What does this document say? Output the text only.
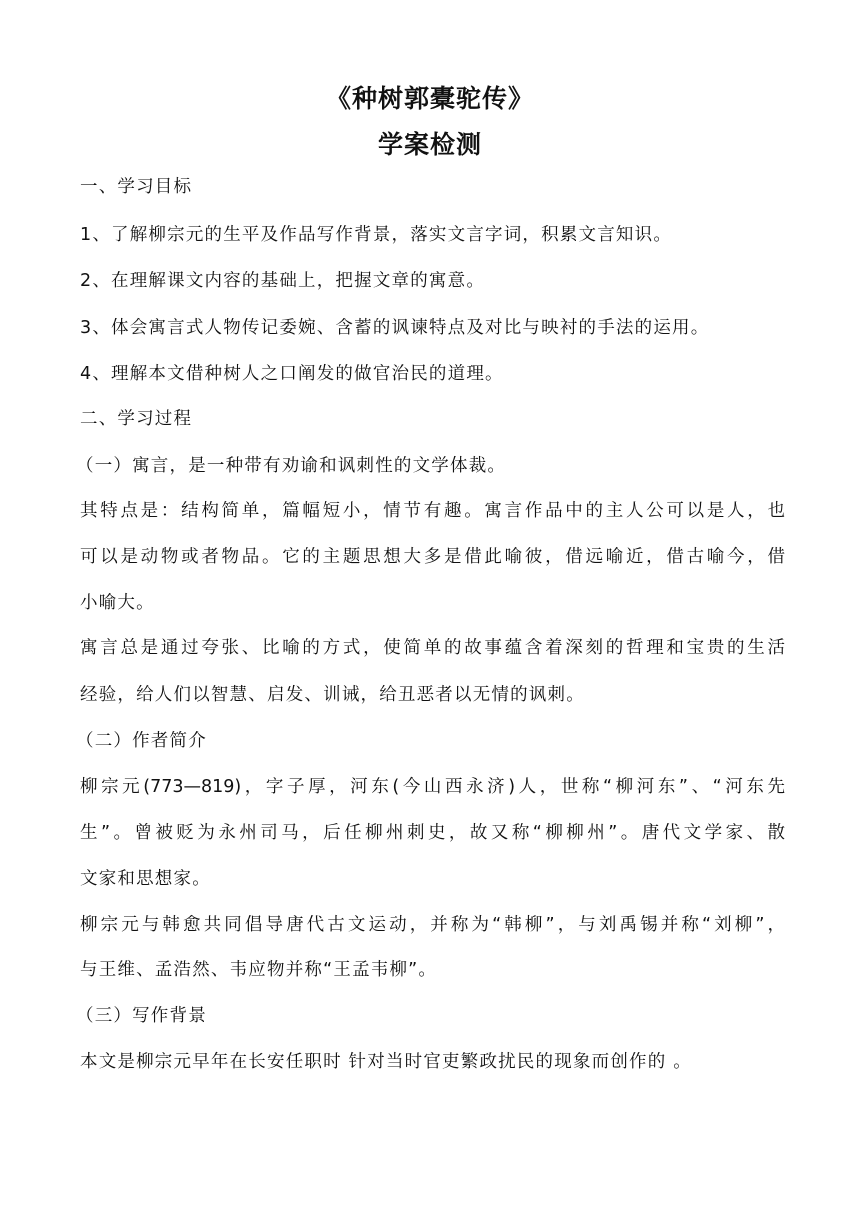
《种树郭橐驼传》
学案检测
一、学习目标
1、了解柳宗元的生平及作品写作背景，落实文言字词，积累文言知识。
2、在理解课文内容的基础上，把握文章的寓意。
3、体会寓言式人物传记委婉、含蓄的讽谏特点及对比与映衬的手法的运用。
4、理解本文借种树人之口阐发的做官治民的道理。
二、学习过程
（一）寓言，是一种带有劝谕和讽刺性的文学体裁。
其特点是：结构简单，篇幅短小，情节有趣。寓言作品中的主人公可以是人，也
可以是动物或者物品。它的主题思想大多是借此喻彼，借远喻近，借古喻今，借
小喻大。
寓言总是通过夸张、比喻的方式，使简单的故事蕴含着深刻的哲理和宝贵的生活
经验，给人们以智慧、启发、训诫，给丑恶者以无情的讽刺。
（二）作者简介
柳宗元(773—819)，字子厚，河东(今山西永济)人，世称“柳河东”、“河东先
生”。曾被贬为永州司马，后任柳州刺史，故又称“柳柳州”。唐代文学家、散
文家和思想家。
柳宗元与韩愈共同倡导唐代古文运动，并称为“韩柳”，与刘禹锡并称“刘柳”，
与王维、孟浩然、韦应物并称“王孟韦柳”。
（三）写作背景
本文是柳宗元早年在长安任职时 针对当时官吏繁政扰民的现象而创作的 。
